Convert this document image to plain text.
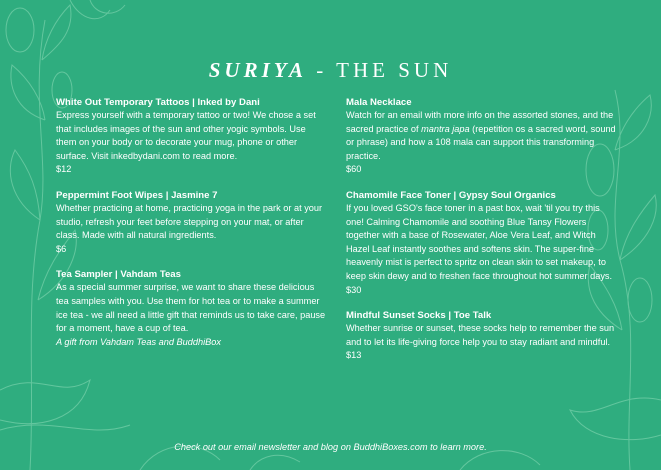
SURIYA - THE SUN
White Out Temporary Tattoos | Inked by Dani
Express yourself with a temporary tattoo or two! We chose a set that includes images of the sun and other yogic symbols. Use them on your body or to decorate your mug, phone or other surface. Visit inkedbydani.com to read more.
$12
Peppermint Foot Wipes | Jasmine 7
Whether practicing at home, practicing yoga in the park or at your studio, refresh your feet before stepping on your mat, or after class. Made with all natural ingredients.
$6
Tea Sampler | Vahdam Teas
As a special summer surprise, we want to share these delicious tea samples with you. Use them for hot tea or to make a summer ice tea - we all need a little gift that reminds us to take care, pause for a moment, have a cup of tea.
A gift from Vahdam Teas and BuddhiBox
Mala Necklace
Watch for an email with more info on the assorted stones, and the sacred practice of mantra japa (repetition os a sacred word, sound or phrase) and how a 108 mala can support this transforming practice.
$60
Chamomile Face Toner | Gypsy Soul Organics
If you loved GSO's face toner in a past box, wait 'til you try this one! Calming Chamomile and soothing Blue Tansy Flowers together with a base of Rosewater, Aloe Vera Leaf, and Witch Hazel Leaf instantly soothes and softens skin. The super-fine heavenly mist is perfect to spritz on clean skin to set makeup, to keep skin dewy and to freshen face throughout hot summer days.
$30
Mindful Sunset Socks | Toe Talk
Whether sunrise or sunset, these socks help to remember the sun and to let its life-giving force help you to stay radiant and mindful.
$13
Check out our email newsletter and blog on BuddhiBoxes.com to learn more.
